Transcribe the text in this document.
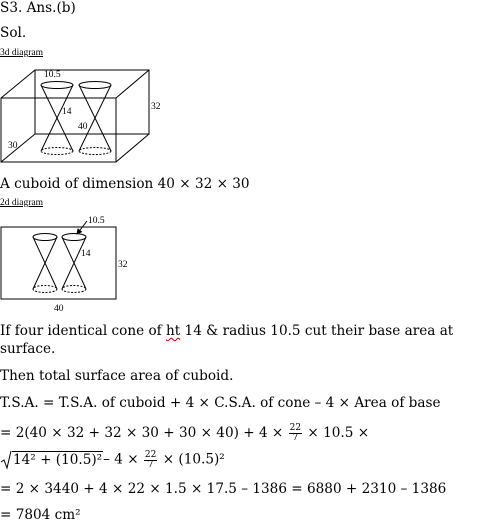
S3. Ans.(b)
Sol.
3d diagram
10.5
14
40
30
32
A cuboid of dimension 40 × 32 × 30
2d diagram
10.5
14
32
40
If four identical cone of ht 14 & radius 10.5 cut their base area at
surface.
Then total surface area of cuboid.
T.S.A. = T.S.A. of cuboid + 4 × C.S.A. of cone – 4 × Area of base
= $2(40 \times 32 + 32 \times 30 + 30 \times 40) + 4 \times \frac{22}{7} \times 10.5$ ×
14² + (10.5)²– $4 \times \frac{22}{7} \times (10.5)^2$
= 2 × 3440 + 4 × 22 × 1.5 × 17.5 – 1386 = 6880 + 2310 – 1386
= 7804 cm²
